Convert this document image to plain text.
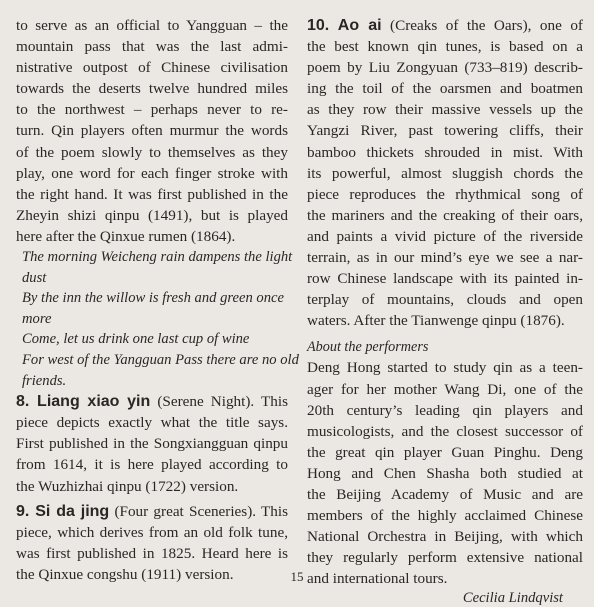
to serve as an official to Yangguan – the
mountain pass that was the last admi-
nistrative outpost of Chinese civilisation
towards the deserts twelve hundred miles
to the northwest – perhaps never to re-
turn. Qin players often murmur the words
of the poem slowly to themselves as they
play, one word for each finger stroke with
the right hand. It was first published in the
Zheyin shizi qinpu (1491), but is played
here after the Qinxue rumen (1864).
The morning Weicheng rain dampens the light
dust
By the inn the willow is fresh and green once
more
Come, let us drink one last cup of wine
For west of the Yangguan Pass there are no old
friends.
8. Liang xiao yin (Serene Night). This
piece depicts exactly what the title says.
First published in the Songxiangguan qinpu
from 1614, it is here played according to
the Wuzhizhai qinpu (1722) version.
9. Si da jing (Four great Sceneries). This
piece, which derives from an old folk tune,
was first published in 1825. Heard here is
the Qinxue congshu (1911) version.
10. Ao ai (Creaks of the Oars), one of
the best known qin tunes, is based on a
poem by Liu Zongyuan (733–819) describ-
ing the toil of the oarsmen and boatmen
as they row their massive vessels up the
Yangzi River, past towering cliffs, their
bamboo thickets shrouded in mist. With
its powerful, almost sluggish chords the
piece reproduces the rhythmical song of
the mariners and the creaking of their oars,
and paints a vivid picture of the riverside
terrain, as in our mind’s eye we see a nar-
row Chinese landscape with its painted in-
terplay of mountains, clouds and open
waters. After the Tianwenge qinpu (1876).
About the performers
Deng Hong started to study qin as a teen-
ager for her mother Wang Di, one of the
20th century’s leading qin players and
musicologists, and the closest successor of
the great qin player Guan Pinghu. Deng
Hong and Chen Shasha both studied at
the Beijing Academy of Music and are
members of the highly acclaimed Chinese
National Orchestra in Beijing, with which
they regularly perform extensive national
and international tours.
Cecilia Lindqvist
15
